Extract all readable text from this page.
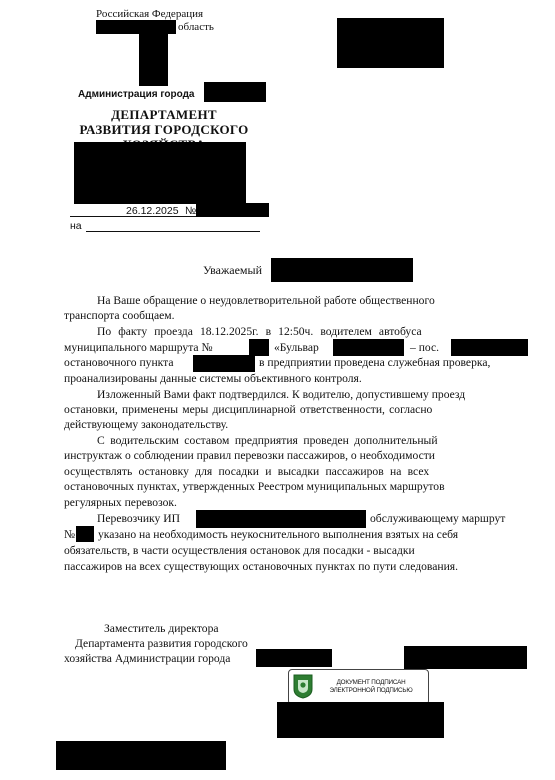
Российская Федерация
область
Администрация города
ДЕПАРТАМЕНТ
РАЗВИТИЯ ГОРОДСКОГО
26.12.2025 №
на
Уважаемый
На Ваше обращение о неудовлетворительной работе общественного
транспорта сообщаем.
По факту проезда 18.12.2025г. в 12:50ч. водителем автобуса
муниципального маршрута №	«Бульвар	– пос.
остановочного пункта	в предприятии проведена служебная проверка,
проанализированы данные системы объективного контроля.
Изложенный Вами факт подтвердился. К водителю, допустившему проезд
остановки, применены меры дисциплинарной ответственности, согласно
действующему законодательству.
С водительским составом предприятия проведен дополнительный
инструктаж о соблюдении правил перевозки пассажиров, о необходимости
осуществлять остановку для посадки и высадки пассажиров на всех
остановочных пунктах, утвержденных Реестром муниципальных маршрутов
регулярных перевозок.
Перевозчику ИП	обслуживающему маршрут
№ указано на необходимость неукоснительного выполнения взятых на себя
обязательств, в части осуществления остановок для посадки - высадки
пассажиров на всех существующих остановочных пунктах по пути следования.
Заместитель директора
Департамента развития городского
хозяйства Администрации города
ДОКУМЕНТ ПОДПИСАН
ЭЛЕКТРОННОЙ ПОДПИСЬЮ
